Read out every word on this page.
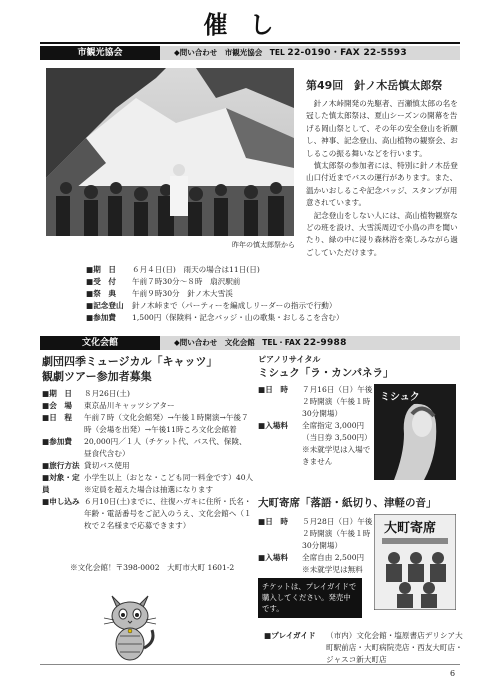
催し
市観光協会	◆問い合わせ　市観光協会　TEL 22-0190・FAX 22-5593
昨年の慎太郎祭から
第49回　針ノ木岳慎太郎祭

針ノ木峠開発の先駆者、百瀬慎太郎の名を冠した慎太郎祭は、夏山シーズンの開幕を告げる岡山祭として、その年の安全登山を祈願し、神事、記念登山、高山植物の観察会、おしるこの振る舞いなどを行います。

慎太郎祭の参加者には、特別に針ノ木岳登山口付近までバスの運行があります。また、温かいおしるこや記念バッジ、スタンプが用意されています。

記念登山をしない人には、高山植物観察などの班を設け、大雪渓周辺で小鳥の声を聞いたり、緑の中に浸り森林浴を楽しみながら過ごしていただけます。

■ 期　日	６月４日(日)　雨天の場合は11日(日)
■ 受　付	午前７時30分～８時　扇沢駅前
■ 祭　典	午前９時30分　針ノ木大雪渓
■ 記念登山	針ノ木峠まで（パーティーを編成しリーダーの指示で行動）
■ 参加費	1,500円（保険料・記念バッジ・山の歌集・おしるこを含む）
文化会館	◆問い合わせ　文化会館　TEL・FAX 22-9988
劇団四季ミュージカル「キャッツ」
観劇ツアー参加者募集
■ 期　日	８月26日(土)
■ 会　場	東京品川キャッツシアター
■ 日　程	午前７時（文化会館発）→午後１時開演→午後７時（会場を出発）→午後11時ころ文化会館着
■ 参加費	20,000円／１人（チケット代、バス代、保険、昼食代含む）
■ 旅行方法 貸切バス使用
■ 対象・定員
小学生以上（おとな・こども同一料金です）40人　※定員を超えた場合は抽選になります
■ 申し込み ６月10日(土)までに、往復ハガキに住所・氏名・年齢・電話番号をご記入のうえ、文化会館へ（１枚で２名様まで応募できます）
※文化会館！〒398-0002　大町市大町 1601-2
ピアノリサイタル
ミシュク「ラ・カンパネラ」
■ 日　時	７月16日（日）午後２時開演（午後１時30分開場）
■ 入場料	全席指定 3,000円（当日券 3,500円）※未就学児は入場できません
ミシュク
大町寄席「落語・紙切り、津軽の音」
■ 日　時	５月28日（日）午後２時開演（午後１時30分開場）
■ 入場料	全席自由 2,500円　※未就学児は無料
大町寄席
チケットは、プレイガイドで購入してください。発売中です。
■ プレイガイド	（市内）文化会館・塩原書店デリシア大町駅前店・大町病院売店・西友大町店・ジャスコ新大町店
6
